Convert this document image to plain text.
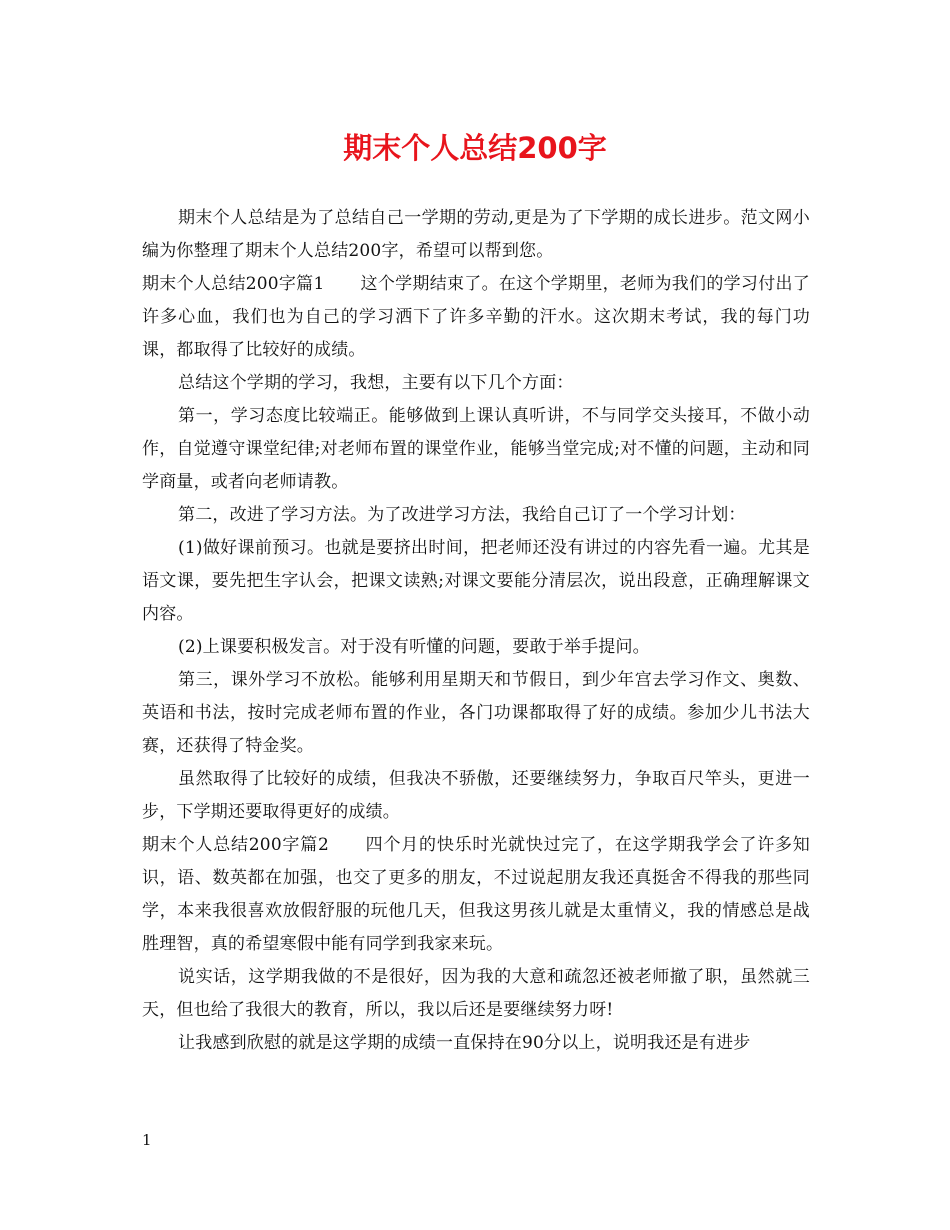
期末个人总结200字

期末个人总结是为了总结自己一学期的劳动,更是为了下学期的成长进步。范文网小编为你整理了期末个人总结200字，希望可以帮到您。

期末个人总结200字篇1 这个学期结束了。在这个学期里，老师为我们的学习付出了许多心血，我们也为自己的学习洒下了许多辛勤的汗水。这次期末考试，我的每门功课，都取得了比较好的成绩。

总结这个学期的学习，我想，主要有以下几个方面：

第一，学习态度比较端正。能够做到上课认真听讲，不与同学交头接耳，不做小动作，自觉遵守课堂纪律;对老师布置的课堂作业，能够当堂完成;对不懂的问题，主动和同学商量，或者向老师请教。

第二，改进了学习方法。为了改进学习方法，我给自己订了一个学习计划：

(1)做好课前预习。也就是要挤出时间，把老师还没有讲过的内容先看一遍。尤其是语文课，要先把生字认会，把课文读熟;对课文要能分清层次，说出段意，正确理解课文内容。

(2)上课要积极发言。对于没有听懂的问题，要敢于举手提问。

第三，课外学习不放松。能够利用星期天和节假日，到少年宫去学习作文、奥数、英语和书法，按时完成老师布置的作业，各门功课都取得了好的成绩。参加少儿书法大赛，还获得了特金奖。

虽然取得了比较好的成绩，但我决不骄傲，还要继续努力，争取百尺竿头，更进一步，下学期还要取得更好的成绩。

期末个人总结200字篇2 四个月的快乐时光就快过完了，在这学期我学会了许多知识，语、数英都在加强，也交了更多的朋友，不过说起朋友我还真挺舍不得我的那些同学，本来我很喜欢放假舒服的玩他几天，但我这男孩儿就是太重情义，我的情感总是战胜理智，真的希望寒假中能有同学到我家来玩。

说实话，这学期我做的不是很好，因为我的大意和疏忽还被老师撤了职，虽然就三天，但也给了我很大的教育，所以，我以后还是要继续努力呀!

让我感到欣慰的就是这学期的成绩一直保持在90分以上，说明我还是有进步

1
